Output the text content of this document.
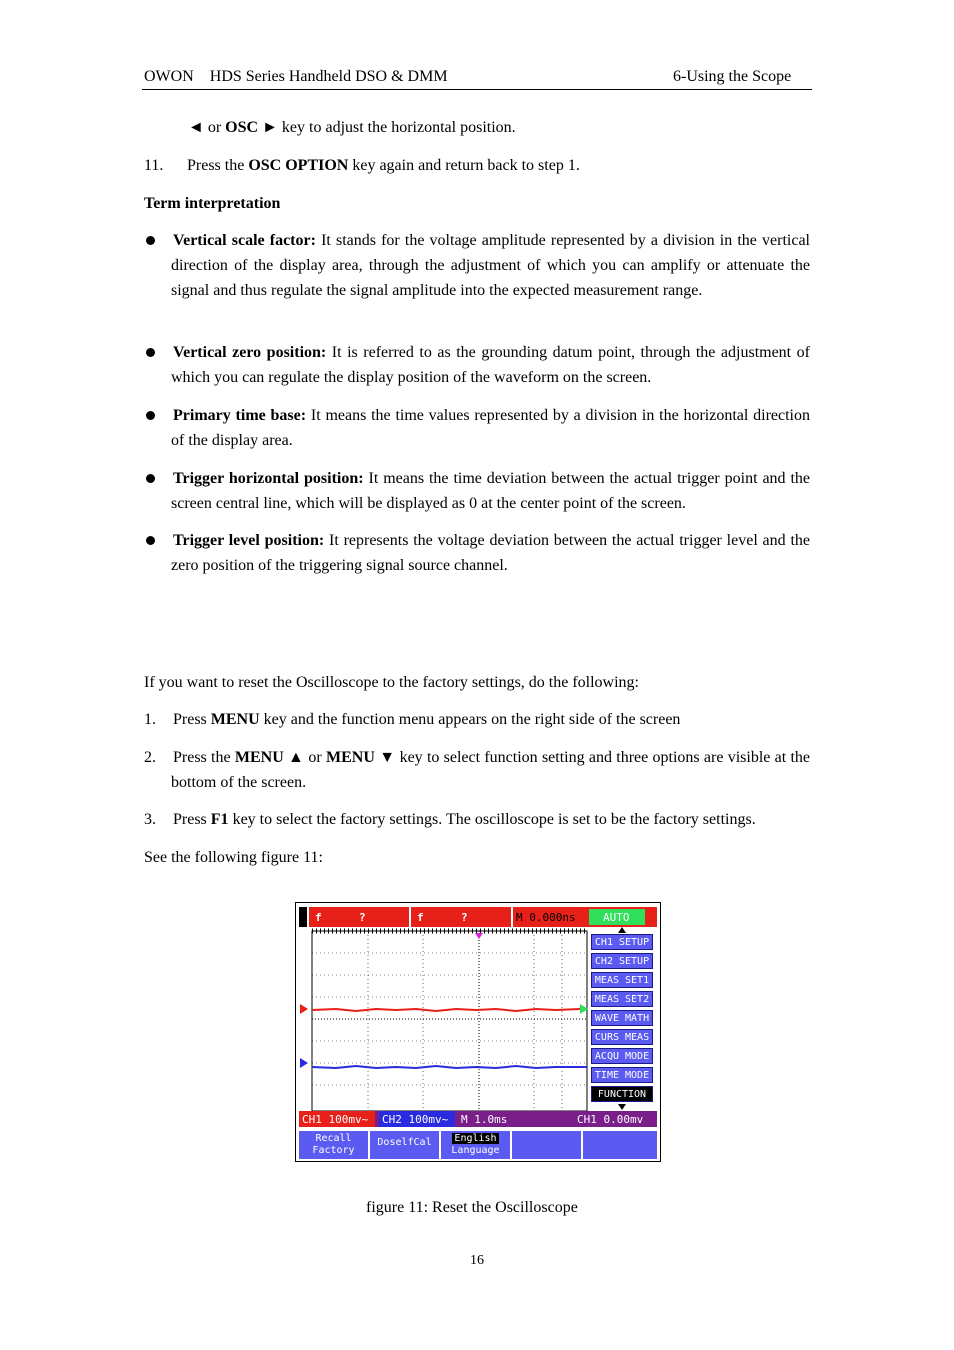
OWON    HDS Series Handheld DSO & DMM	6-Using the Scope
◄ or OSC ► key to adjust the horizontal position.
11. Press the OSC OPTION key again and return back to step 1.
Term interpretation
Vertical scale factor: It stands for the voltage amplitude represented by a division in the vertical direction of the display area, through the adjustment of which you can amplify or attenuate the signal and thus regulate the signal amplitude into the expected measurement range.
Vertical zero position: It is referred to as the grounding datum point, through the adjustment of which you can regulate the display position of the waveform on the screen.
Primary time base: It means the time values represented by a division in the horizontal direction of the display area.
Trigger horizontal position: It means the time deviation between the actual trigger point and the screen central line, which will be displayed as 0 at the center point of the screen.
Trigger level position: It represents the voltage deviation between the actual trigger level and the zero position of the triggering signal source channel.
If you want to reset the Oscilloscope to the factory settings, do the following:
1. Press MENU key and the function menu appears on the right side of the screen
2. Press the MENU ▲ or MENU ▼ key to select function setting and three options are visible at the bottom of the screen.
3. Press F1 key to select the factory settings. The oscilloscope is set to be the factory settings.
See the following figure 11:
f	?	f	?	M 0.000ns AUTO
CH1 SETUP
CH2 SETUP
MEAS SET1
MEAS SET2
WAVE MATH
CURS MEAS
ACQU MODE
TIME MODE
FUNCTION
CH1 100mv~ CH2 100mv~ M 1.0ms	CH1 0.00mv
Recall
Factory
DoselfCal	English
Language
figure 11: Reset the Oscilloscope
16
